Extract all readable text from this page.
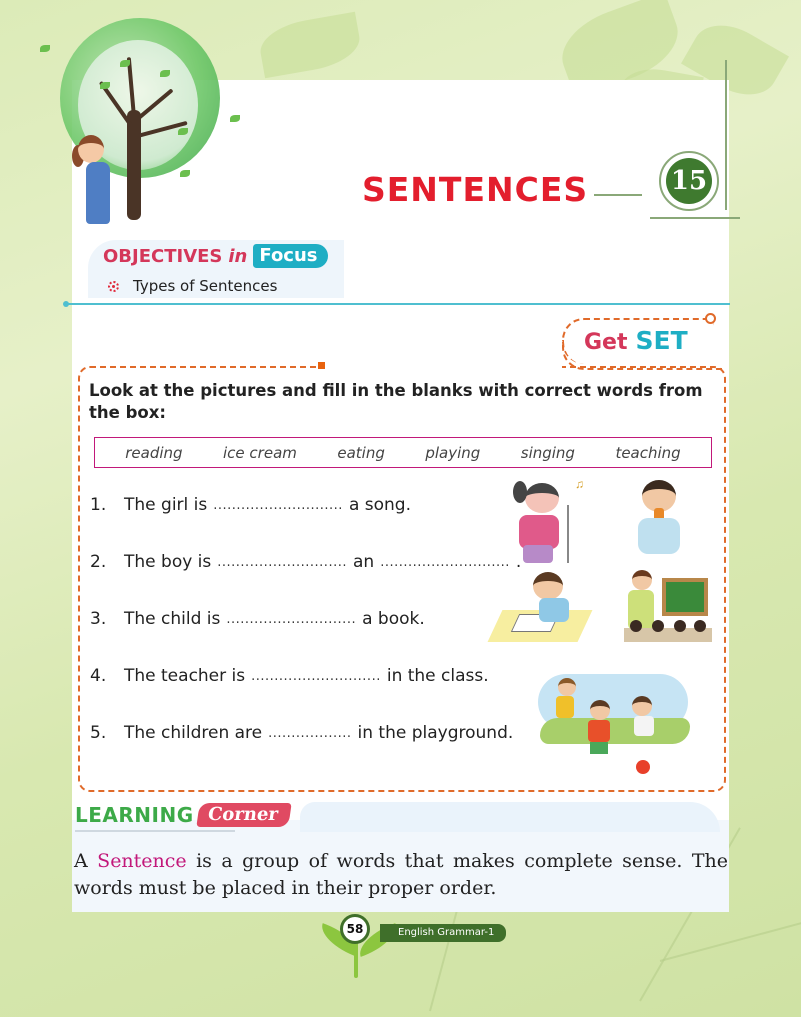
SENTENCES	15
OBJECTIVES in Focus
Types of Sentences
Get SET
Look at the pictures and fill in the blanks with correct words from the box:
reading	ice cream	eating	playing	singing	teaching
1.	The girl is ............................ a song.
2.	The boy is ............................ an ............................ .
3.	The child is ............................ a book.
4.	The teacher is ............................ in the class.
5.	The children are .................. in the playground.
♫
LEARNING Corner
A Sentence is a group of words that makes complete sense. The words must be placed in their proper order.
English Grammar-1
58
